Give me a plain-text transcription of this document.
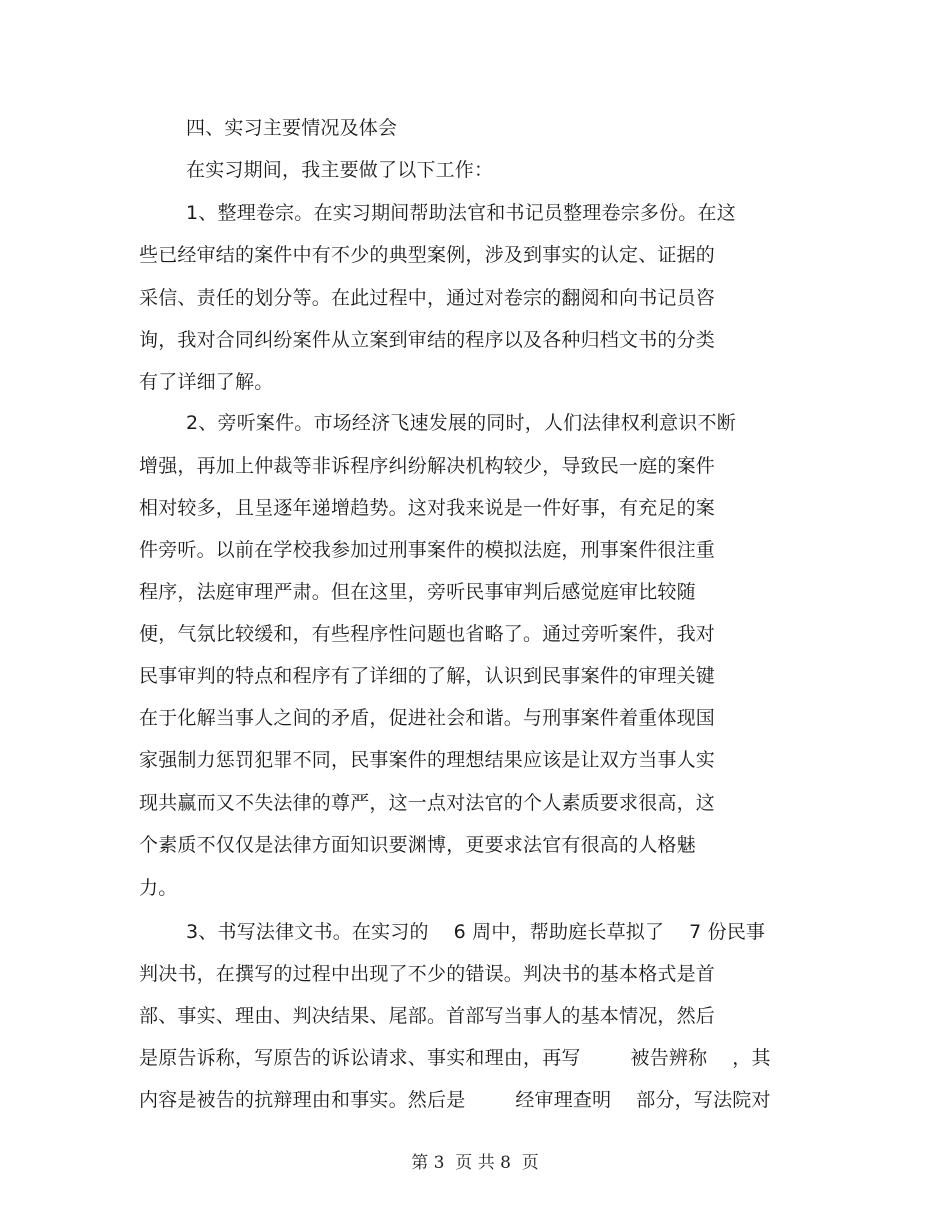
四、实习主要情况及体会
在实习期间，我主要做了以下工作：
1、整理卷宗。在实习期间帮助法官和书记员整理卷宗多份。在这
些已经审结的案件中有不少的典型案例，涉及到事实的认定、证据的
采信、责任的划分等。在此过程中，通过对卷宗的翻阅和向书记员咨
询，我对合同纠纷案件从立案到审结的程序以及各种归档文书的分类
有了详细了解。
2、旁听案件。市场经济飞速发展的同时，人们法律权利意识不断
增强，再加上仲裁等非诉程序纠纷解决机构较少，导致民一庭的案件
相对较多，且呈逐年递增趋势。这对我来说是一件好事，有充足的案
件旁听。以前在学校我参加过刑事案件的模拟法庭，刑事案件很注重
程序，法庭审理严肃。但在这里，旁听民事审判后感觉庭审比较随
便，气氛比较缓和，有些程序性问题也省略了。通过旁听案件，我对
民事审判的特点和程序有了详细的了解，认识到民事案件的审理关键
在于化解当事人之间的矛盾，促进社会和谐。与刑事案件着重体现国
家强制力惩罚犯罪不同，民事案件的理想结果应该是让双方当事人实
现共赢而又不失法律的尊严，这一点对法官的个人素质要求很高，这
个素质不仅仅是法律方面知识要渊博，更要求法官有很高的人格魅
力。
3、书写法律文书。在实习的    6 周中，帮助庭长草拟了    7 份民事
判决书，在撰写的过程中出现了不少的错误。判决书的基本格式是首
部、事实、理由、判决结果、尾部。首部写当事人的基本情况，然后
是原告诉称，写原告的诉讼请求、事实和理由，再写        被告辨称    ，其
内容是被告的抗辩理由和事实。然后是        经审理查明    部分，写法院对
第 3  页 共 8  页
